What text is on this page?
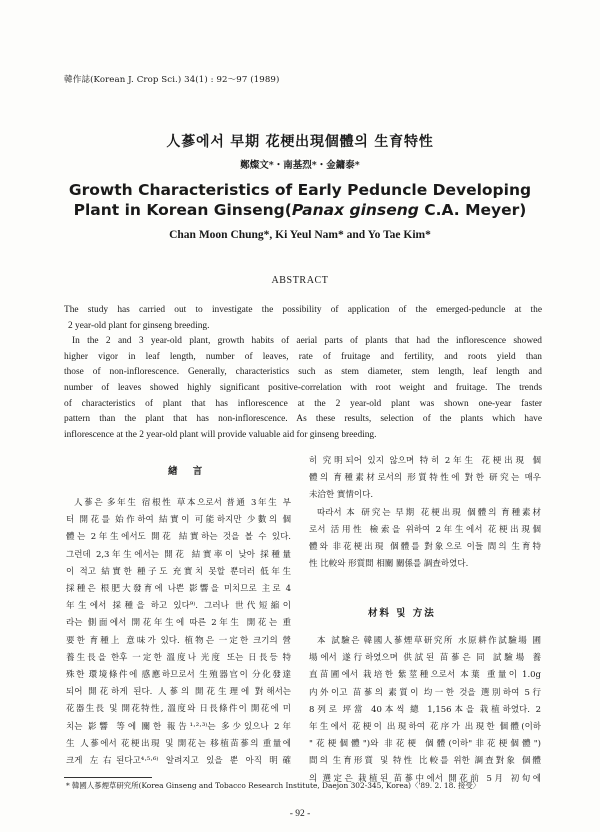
韓作誌(Korean J. Crop Sci.) 34(1) : 92～97 (1989)
人蔘에서 早期 花梗出現個體의 生育特性
鄭燦文*・南基烈*・金鏞泰*
Growth Characteristics of Early Peduncle Developing
Plant in Korean Ginseng(Panax ginseng C.A. Meyer)
Chan Moon Chung*, Ki Yeul Nam* and Yo Tae Kim*
ABSTRACT
The study has carried out to investigate the possibility of application of the emerged-peduncle at the
2 year-old plant for ginseng breeding.
In the 2 and 3 year-old plant, growth habits of aerial parts of plants that had the inflorescence showed
higher vigor in leaf length, number of leaves, rate of fruitage and fertility, and roots yield than
those of non-inflorescence. Generally, characteristics such as stem diameter, stem length, leaf length and
number of leaves showed highly significant positive-correlation with root weight and fruitage. The trends
of characteristics of plant that has inflorescence at the 2 year-old plant was shown one-year faster
pattern than the plant that has non-inflorescence. As these results, selection of the plants which have
inflorescence at the 2 year-old plant will provide valuable aid for ginseng breeding.
緖 言
人蔘은 多年生 宿根性 草本으로서 普通 3年生 부
터 開花를 始作하여 結實이 可能하지만 少數의 個
體는 2年生에서도 開花 結實하는 것을 볼 수 있다.
그런데 2,3年生에서는 開花 結實率이 낮아 採種量
이 적고 結實한 種子도 充實치 못할 뿐더러 低年生
採種은 根肥大發育에 나쁜 影響을 미치므로 主로 4
年生에서 採種을 하고 있다⁹⁾. 그러나 世代短縮이
라는 側面에서 開花年生에 따른 2年生 開花는 重
要한 育種上 意味가 있다. 植物은 一定한 크기의 營
養生長을 한후 一定한 溫度나 光度 또는 日長등 特
殊한 環境條件에 感應하므로서 生殖器官이 分化發達
되어 開花하게 된다. 人蔘의 開花生理에 對해서는
花器生長 및 開花特性, 溫度와 日長條件이 開花에 미
치는 影響 等에 關한 報告¹·²·³⁾는 多少있으나 2年
生 人蔘에서 花梗出現 및 開花는 移植苗蔘의 重量에
크게 左右된다고⁴·⁵·⁶⁾ 알려지고 있을 뿐 아직 明確
히 究明되어 있지 않으며 特히 2年生 花梗出現 個
體의 育種素材로서의 形質特性에 對한 研究는 매우
未洽한 實情이다.
따라서 本 研究는 早期 花梗出現 個體의 育種素材
로서 活用性 檢索을 위하여 2年生에서 花梗出現個
體와 非花梗出現 個體를 對象으로 이들 間의 生育特
性 比較와 形質間 相關 關係를 調査하였다.
材料 및 方法
本 試驗은 韓國人蔘煙草研究所 水原耕作試驗場 圃
場에서 遂行하였으며 供試된 苗蔘은 同 試驗場 養
直苗圃에서 栽培한 紫莖種으로서 本葉 重量이 1.0g
内外이고 苗蔘의 素質이 均一한 것을 選別하여 5行
8列로 坪當 40本씩 總 1,156本을 栽植하였다. 2
年生에서 花梗이 出現하여 花序가 出現한 個體(이하
"花梗個體")와 非花梗 個體(이하"非花梗個體")
間의 生育形質 및 特性 比較를 위한 調査對象 個體
의 選定은 栽植된 苗蔘中에서 開花前 5月 初旬에
* 韓國人蔘煙草研究所(Korea Ginseng and Tobacco Research Institute, Daejon 302-345, Korea)〈'89. 2. 18. 接受〉
- 92 -
